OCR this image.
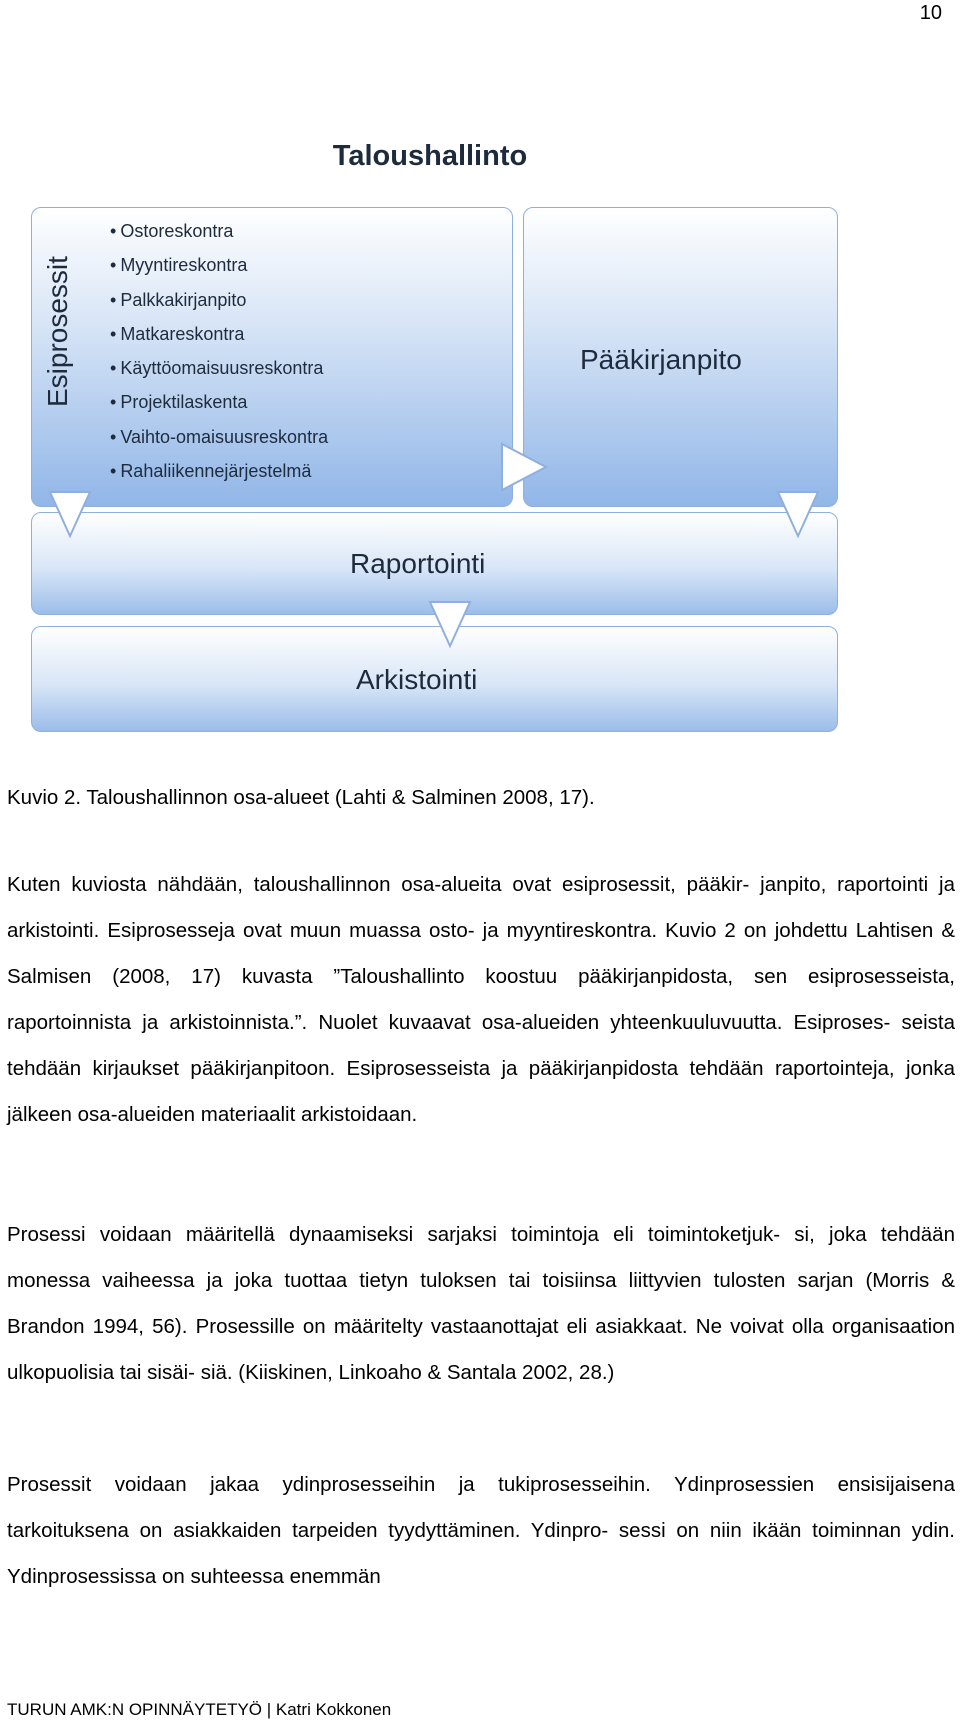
10
Taloushallinto
Esiprosessit
• Ostoreskontra
• Myyntireskontra
• Palkkakirjanpito
• Matkareskontra
• Käyttöomaisuusreskontra
• Projektilaskenta
• Vaihto-omaisuusreskontra
• Rahaliikennejärjestelmä
Pääkirjanpito
Raportointi
Arkistointi
Kuvio 2. Taloushallinnon osa-alueet (Lahti & Salminen 2008, 17).

Kuten kuviosta nähdään, taloushallinnon osa-alueita ovat esiprosessit, pääkir- janpito, raportointi ja arkistointi. Esiprosesseja ovat muun muassa osto- ja myyntireskontra. Kuvio 2 on johdettu Lahtisen & Salmisen (2008, 17) kuvasta ”Taloushallinto koostuu pääkirjanpidosta, sen esiprosesseista, raportoinnista ja arkistoinnista.”. Nuolet kuvaavat osa-alueiden yhteenkuuluvuutta. Esiproses- seista tehdään kirjaukset pääkirjanpitoon. Esiprosesseista ja pääkirjanpidosta tehdään raportointeja, jonka jälkeen osa-alueiden materiaalit arkistoidaan.

Prosessi voidaan määritellä dynaamiseksi sarjaksi toimintoja eli toimintoketjuk- si, joka tehdään monessa vaiheessa ja joka tuottaa tietyn tuloksen tai toisiinsa liittyvien tulosten sarjan (Morris & Brandon 1994, 56). Prosessille on määritelty vastaanottajat eli asiakkaat. Ne voivat olla organisaation ulkopuolisia tai sisäi- siä. (Kiiskinen, Linkoaho & Santala 2002, 28.)

Prosessit voidaan jakaa ydinprosesseihin ja tukiprosesseihin. Ydinprosessien ensisijaisena tarkoituksena on asiakkaiden tarpeiden tyydyttäminen. Ydinpro- sessi on niin ikään toiminnan ydin. Ydinprosessissa on suhteessa enemmän

TURUN AMK:N OPINNÄYTETYÖ | Katri Kokkonen
